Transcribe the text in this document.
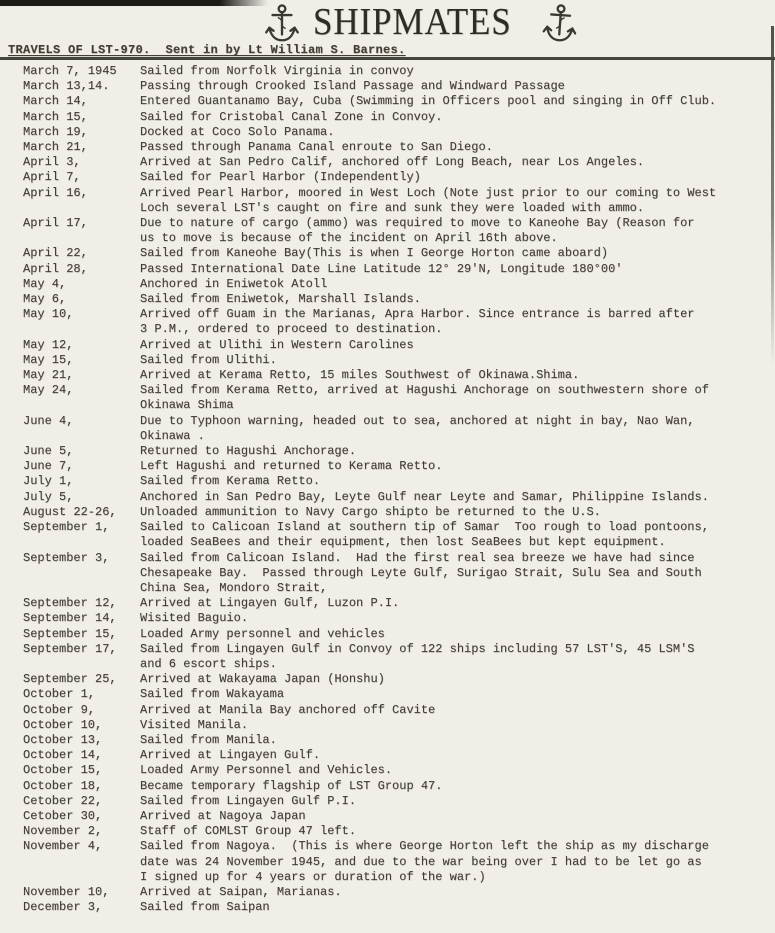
SHIPMATES
TRAVELS OF LST-970.  Sent in by Lt William S. Barnes.
March 7, 1945	Sailed from Norfolk Virginia in convoy
March 13,14.	Passing through Crooked Island Passage and Windward Passage
March 14,	Entered Guantanamo Bay, Cuba (Swimming in Officers pool and singing in Off Club.
March 15,	Sailed for Cristobal Canal Zone in Convoy.
March 19,	Docked at Coco Solo Panama.
March 21,	Passed through Panama Canal enroute to San Diego.
April 3,	Arrived at San Pedro Calif, anchored off Long Beach, near Los Angeles.
April 7,	Sailed for Pearl Harbor (Independently)
April 16,	Arrived Pearl Harbor, moored in West Loch (Note just prior to our coming to West
Loch several LST's caught on fire and sunk they were loaded with ammo.
April 17,	Due to nature of cargo (ammo) was required to move to Kaneohe Bay (Reason for
us to move is because of the incident on April 16th above.
April 22,	Sailed from Kaneohe Bay(This is when I George Horton came aboard)
April 28,	Passed International Date Line Latitude 12° 29'N, Longitude 180°00'
May 4,	Anchored in Eniwetok Atoll
May 6,	Sailed from Eniwetok, Marshall Islands.
May 10,	Arrived off Guam in the Marianas, Apra Harbor. Since entrance is barred after
3 P.M., ordered to proceed to destination.
May 12,	Arrived at Ulithi in Western Carolines
May 15,	Sailed from Ulithi.
May 21,	Arrived at Kerama Retto, 15 miles Southwest of Okinawa.Shima.
May 24,	Sailed from Kerama Retto, arrived at Hagushi Anchorage on southwestern shore of
Okinawa Shima
June 4,	Due to Typhoon warning, headed out to sea, anchored at night in bay, Nao Wan,
Okinawa .
June 5,	Returned to Hagushi Anchorage.
June 7,	Left Hagushi and returned to Kerama Retto.
July 1,	Sailed from Kerama Retto.
July 5,	Anchored in San Pedro Bay, Leyte Gulf near Leyte and Samar, Philippine Islands.
August 22-26,	Unloaded ammunition to Navy Cargo shipto be returned to the U.S.
September 1,	Sailed to Calicoan Island at southern tip of Samar  Too rough to load pontoons,
loaded SeaBees and their equipment, then lost SeaBees but kept equipment.
September 3,	Sailed from Calicoan Island.  Had the first real sea breeze we have had since
Chesapeake Bay.  Passed through Leyte Gulf, Surigao Strait, Sulu Sea and South
China Sea, Mondoro Strait,
September 12,	Arrived at Lingayen Gulf, Luzon P.I.
September 14,	Wisited Baguio.
September 15,	Loaded Army personnel and vehicles
September 17,	Sailed from Lingayen Gulf in Convoy of 122 ships including 57 LST'S, 45 LSM'S
and 6 escort ships.
September 25,	Arrived at Wakayama Japan (Honshu)
October 1,	Sailed from Wakayama
October 9,	Arrived at Manila Bay anchored off Cavite
October 10,	Visited Manila.
October 13,	Sailed from Manila.
October 14,	Arrived at Lingayen Gulf.
October 15,	Loaded Army Personnel and Vehicles.
October 18,	Became temporary flagship of LST Group 47.
Cetober 22,	Sailed from Lingayen Gulf P.I.
Cetober 30,	Arrived at Nagoya Japan
November 2,	Staff of COMLST Group 47 left.
November 4,	Sailed from Nagoya.  (This is where George Horton left the ship as my discharge
date was 24 November 1945, and due to the war being over I had to be let go as
I signed up for 4 years or duration of the war.)
November 10,	Arrived at Saipan, Marianas.
December 3,	Sailed from Saipan
